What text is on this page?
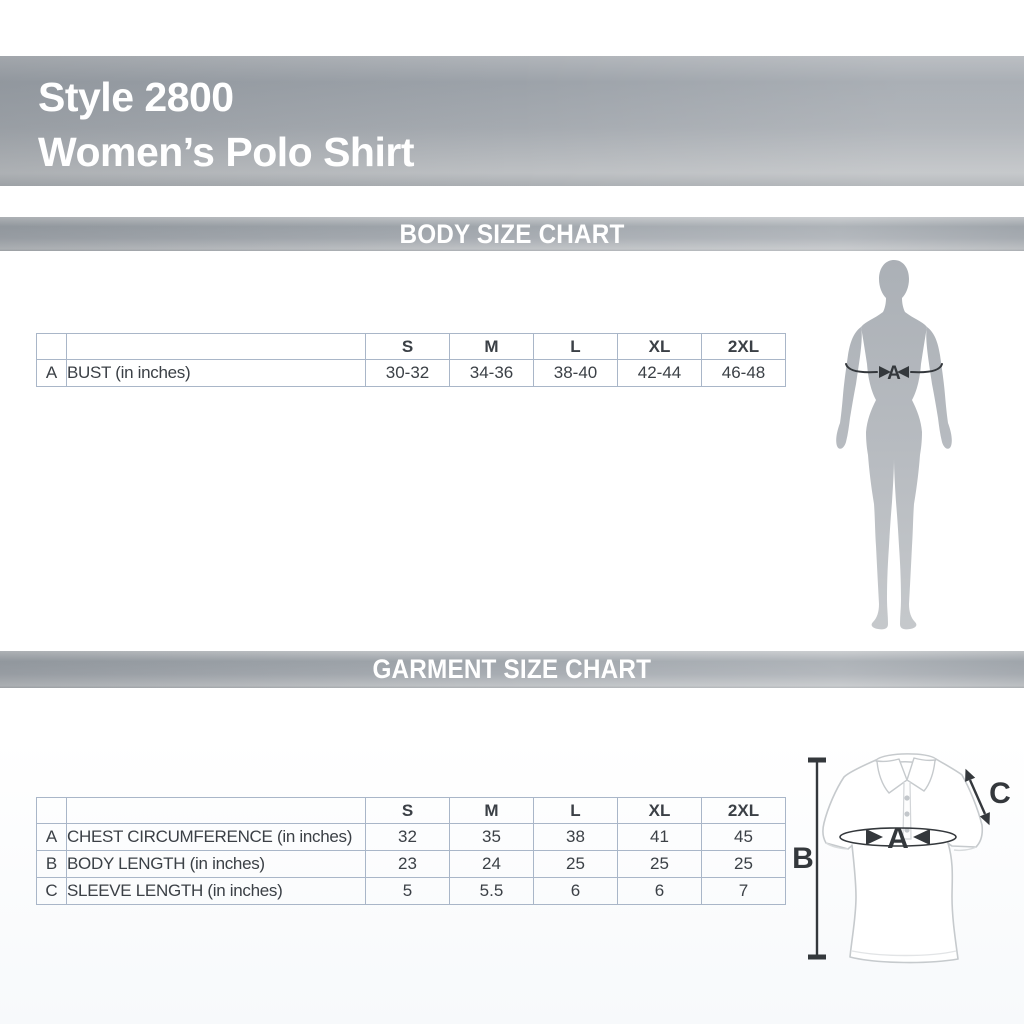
Style 2800
Women’s Polo Shirt
BODY SIZE CHART
		S	M	L	XL	2XL
A	BUST (in inches)	30-32	34-36	38-40	42-44	46-48	A
GARMENT SIZE CHART
		S	M	L	XL	2XL
A	CHEST CIRCUMFERENCE (in inches)	32	35	38	41	45
B	BODY LENGTH (in inches)	23	24	25	25	25
C	SLEEVE LENGTH (in inches)	5	5.5	6	6	7
A
B
C
